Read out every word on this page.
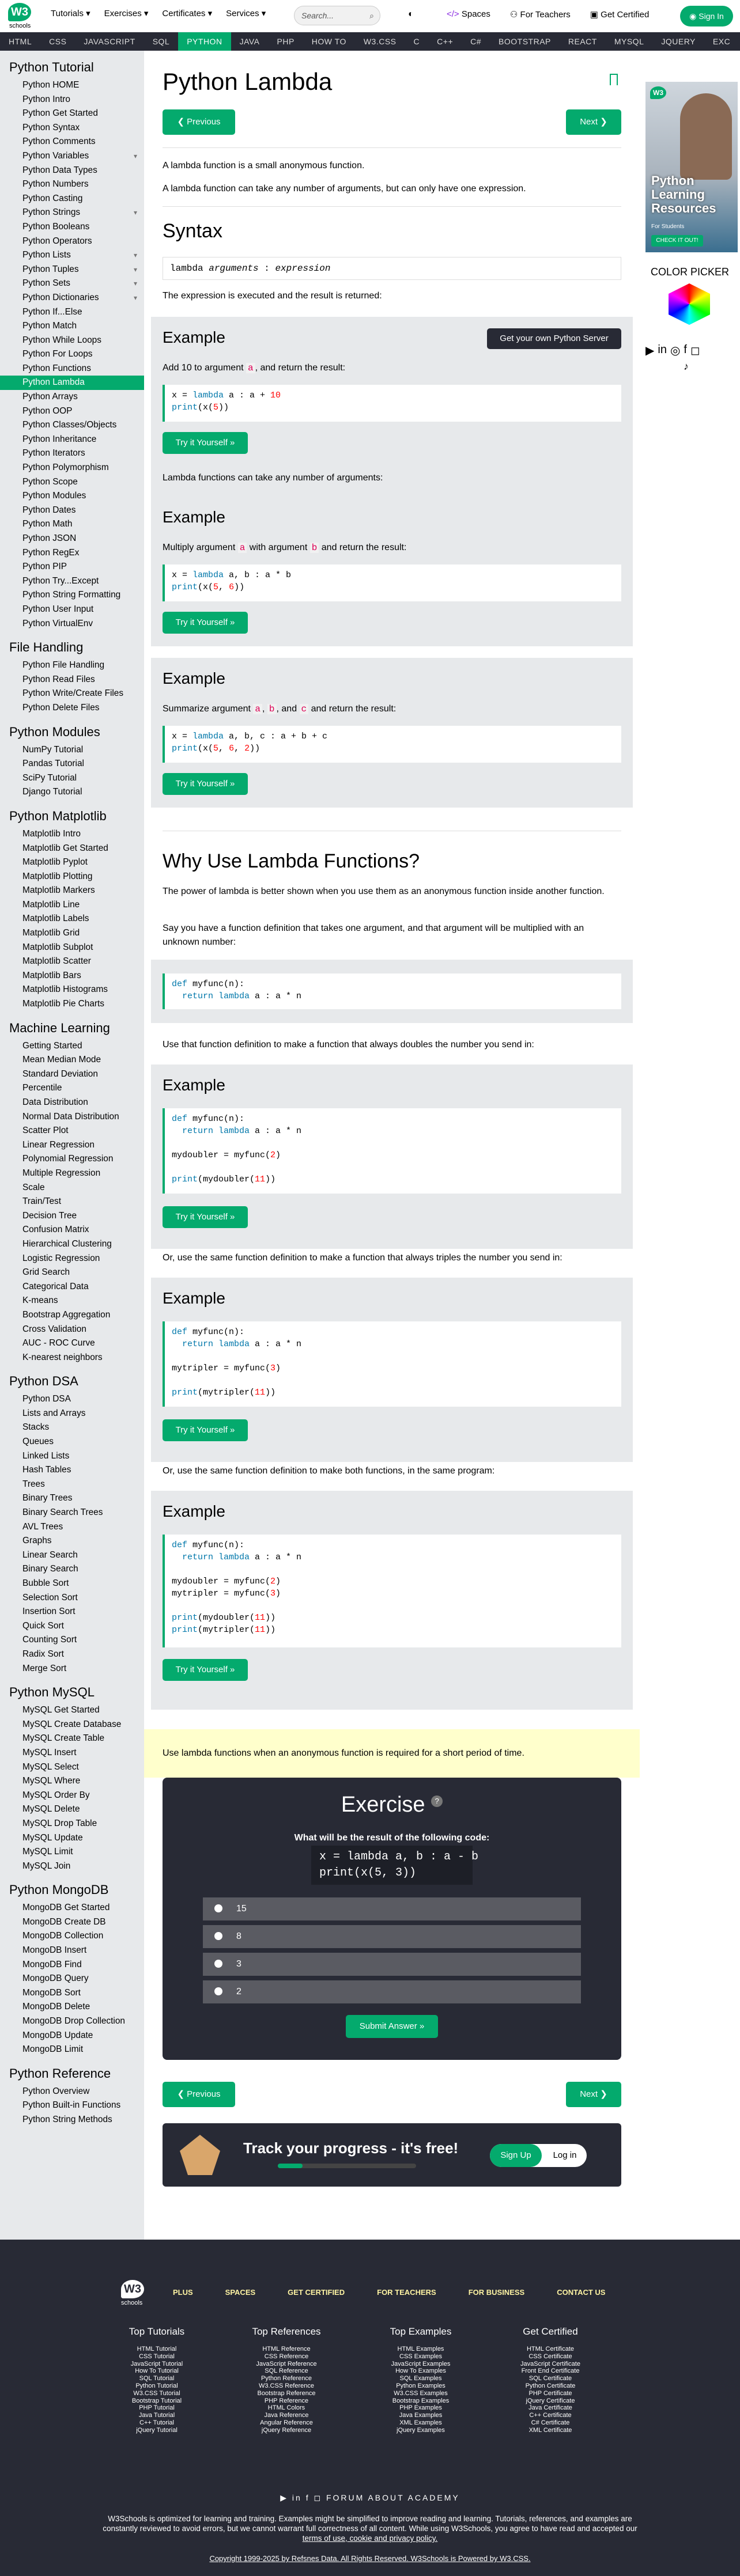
W3
schools
Tutorials ▾ Exercises ▾ Certificates ▾ Services ▾	Search...	⌕	◐	</> Spaces ⚇ For Teachers ▣ Get Certified	◉ Sign In
HTML	CSS	JAVASCRIPT	SQL	PYTHON	JAVA	PHP	HOW TO	W3.CSS	C	C++	C#	BOOTSTRAP	REACT	MYSQL	JQUERY	EXC
Python Tutorial
Python HOME
Python Intro
Python Get Started
Python Syntax
Python Comments
Python Variables	▾
Python Data Types
Python Numbers
Python Casting
Python Strings	▾
Python Booleans
Python Operators
Python Lists	▾
Python Tuples	▾
Python Sets	▾
Python Dictionaries	▾
Python If...Else
Python Match
Python While Loops
Python For Loops
Python Functions
Python Lambda
Python Arrays
Python OOP
Python Classes/Objects
Python Inheritance
Python Iterators
Python Polymorphism
Python Scope
Python Modules
Python Dates
Python Math
Python JSON
Python RegEx
Python PIP
Python Try...Except
Python String Formatting
Python User Input
Python VirtualEnv
File Handling
Python File Handling
Python Read Files
Python Write/Create Files
Python Delete Files
Python Modules
NumPy Tutorial
Pandas Tutorial
SciPy Tutorial
Django Tutorial
Python Matplotlib
Matplotlib Intro
Matplotlib Get Started
Matplotlib Pyplot
Matplotlib Plotting
Matplotlib Markers
Matplotlib Line
Matplotlib Labels
Matplotlib Grid
Matplotlib Subplot
Matplotlib Scatter
Matplotlib Bars
Matplotlib Histograms
Matplotlib Pie Charts
Machine Learning
Getting Started
Mean Median Mode
Standard Deviation
Percentile
Data Distribution
Normal Data Distribution
Scatter Plot
Linear Regression
Polynomial Regression
Multiple Regression
Scale
Train/Test
Decision Tree
Confusion Matrix
Hierarchical Clustering
Logistic Regression
Grid Search
Categorical Data
K-means
Bootstrap Aggregation
Cross Validation
AUC - ROC Curve
K-nearest neighbors
Python DSA
Python DSA
Lists and Arrays
Stacks
Queues
Linked Lists
Hash Tables
Trees
Binary Trees
Binary Search Trees
AVL Trees
Graphs
Linear Search
Binary Search
Bubble Sort
Selection Sort
Insertion Sort
Quick Sort
Counting Sort
Radix Sort
Merge Sort
Python MySQL
MySQL Get Started
MySQL Create Database
MySQL Create Table
MySQL Insert
MySQL Select
MySQL Where
MySQL Order By
MySQL Delete
MySQL Drop Table
MySQL Update
MySQL Limit
MySQL Join
Python MongoDB
MongoDB Get Started
MongoDB Create DB
MongoDB Collection
MongoDB Insert
MongoDB Find
MongoDB Query
MongoDB Sort
MongoDB Delete
MongoDB Drop Collection
MongoDB Update
MongoDB Limit
Python Reference
Python Overview
Python Built-in Functions
Python String Methods
Python Lambda
❮ Previous	Next ❯
A lambda function is a small anonymous function.
A lambda function can take any number of arguments, but can only have one expression.
Syntax
lambda arguments : expression
The expression is executed and the result is returned:
Example	Get your own Python Server
Add 10 to argument a , and return the result:
x = lambda a : a + 10
print(x(5))
Try it Yourself »
Lambda functions can take any number of arguments:
Example
Multiply argument a with argument b and return the result:
x = lambda a, b : a * b
print(x(5, 6))
Try it Yourself »
Example
Summarize argument a , b , and c and return the result:
x = lambda a, b, c : a + b + c
print(x(5, 6, 2))
Try it Yourself »
Why Use Lambda Functions?
The power of lambda is better shown when you use them as an anonymous function inside another function.
Say you have a function definition that takes one argument, and that argument will be multiplied with an unknown number:
def myfunc(n):
return lambda a : a * n
Use that function definition to make a function that always doubles the number you send in:
Example
def myfunc(n):
return lambda a : a * n

mydoubler = myfunc(2)

print(mydoubler(11))
Try it Yourself »
Or, use the same function definition to make a function that always triples the number you send in:
Example
def myfunc(n):
return lambda a : a * n

mytripler = myfunc(3)

print(mytripler(11))
Try it Yourself »
Or, use the same function definition to make both functions, in the same program:
Example
def myfunc(n):
return lambda a : a * n

mydoubler = myfunc(2)
mytripler = myfunc(3)

print(mydoubler(11))
print(mytripler(11))
Try it Yourself »
Use lambda functions when an anonymous function is required for a short period of time.
Exercise ?
What will be the result of the following code:
x = lambda a, b : a - b
print(x(5, 3))
15
8
3
2
Submit Answer »
❮ Previous	Next ❯
Track your progress - it's free!	Sign Up	Log in
W3
Python Learning Resources
For Students
CHECK IT OUT!
COLOR PICKER
▶ in ◎ f ◻
♪
W3
schools
PLUS	SPACES	GET CERTIFIED	FOR TEACHERS	FOR BUSINESS	CONTACT US
Top Tutorials
HTML Tutorial
CSS Tutorial
JavaScript Tutorial
How To Tutorial
SQL Tutorial
Python Tutorial
W3.CSS Tutorial
Bootstrap Tutorial
PHP Tutorial
Java Tutorial
C++ Tutorial
jQuery Tutorial
Top References
HTML Reference
CSS Reference
JavaScript Reference
SQL Reference
Python Reference
W3.CSS Reference
Bootstrap Reference
PHP Reference
HTML Colors
Java Reference
Angular Reference
jQuery Reference
Top Examples
HTML Examples
CSS Examples
JavaScript Examples
How To Examples
SQL Examples
Python Examples
W3.CSS Examples
Bootstrap Examples
PHP Examples
Java Examples
XML Examples
jQuery Examples
Get Certified
HTML Certificate
CSS Certificate
JavaScript Certificate
Front End Certificate
SQL Certificate
Python Certificate
PHP Certificate
jQuery Certificate
Java Certificate
C++ Certificate
C# Certificate
XML Certificate
▶ in f ◻ FORUM ABOUT ACADEMY
W3Schools is optimized for learning and training. Examples might be simplified to improve reading and learning. Tutorials, references, and examples are
constantly reviewed to avoid errors, but we cannot warrant full correctness of all content. While using W3Schools, you agree to have read and accepted our
terms of use, cookie and privacy policy.
Copyright 1999-2025 by Refsnes Data. All Rights Reserved. W3Schools is Powered by W3.CSS.
